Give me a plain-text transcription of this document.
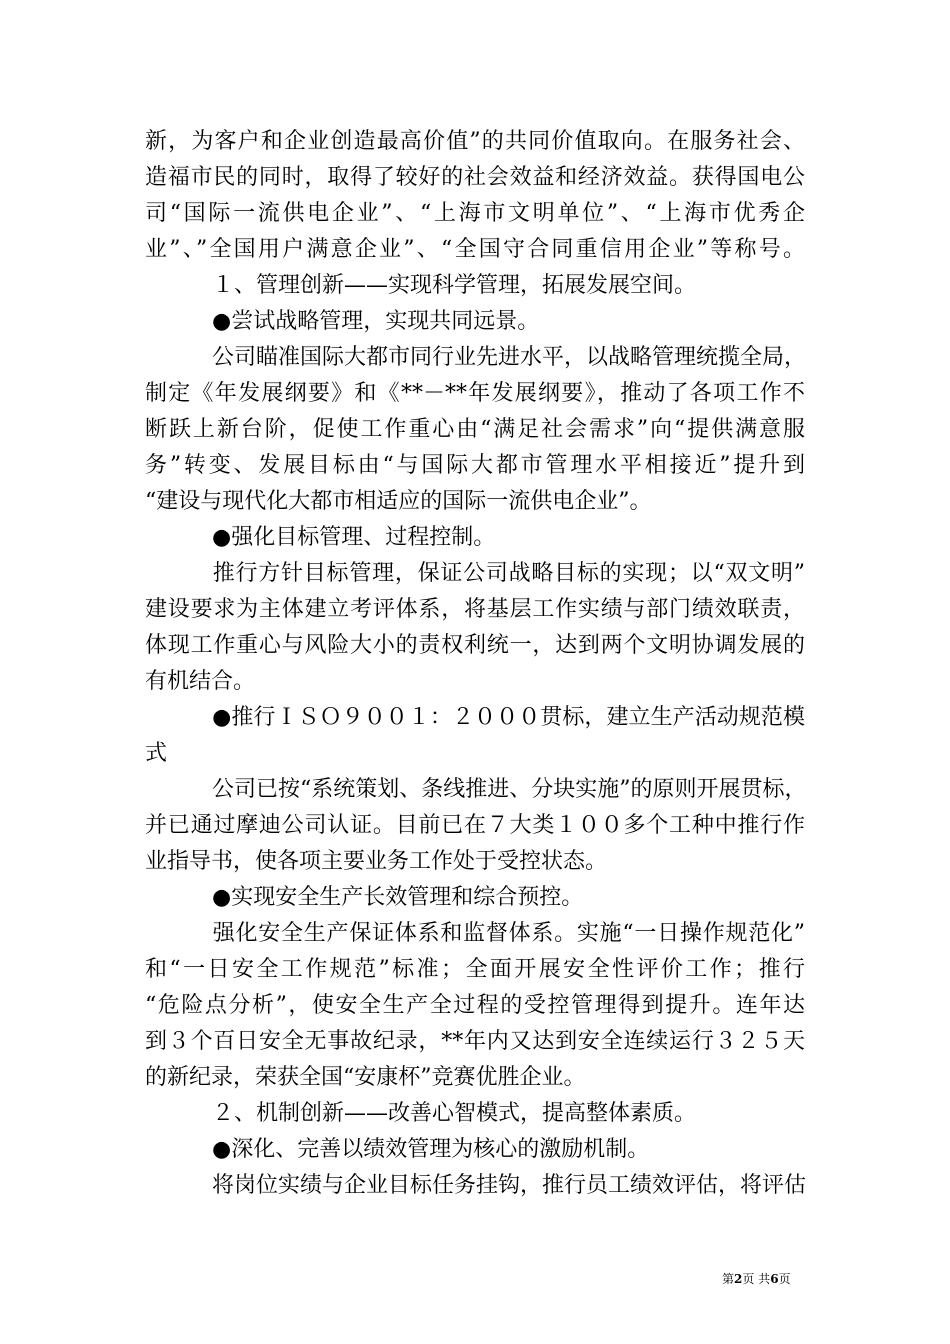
新，为客户和企业创造最高价值”的共同价值取向。在服务社会、
造福市民的同时，取得了较好的社会效益和经济效益。获得国电公
司“国际一流供电企业”、“上海市文明单位”、“上海市优秀企
业”、”全国用户满意企业”、“全国守合同重信用企业”等称号。
　１、管理创新——实现科学管理，拓展发展空间。
　●尝试战略管理，实现共同远景。
　公司瞄准国际大都市同行业先进水平，以战略管理统揽全局，
制定《年发展纲要》和《**－**年发展纲要》，推动了各项工作不
断跃上新台阶，促使工作重心由“满足社会需求”向“提供满意服
务”转变、发展目标由“与国际大都市管理水平相接近”提升到
“建设与现代化大都市相适应的国际一流供电企业”。
　●强化目标管理、过程控制。
　推行方针目标管理，保证公司战略目标的实现；以“双文明”
建设要求为主体建立考评体系，将基层工作实绩与部门绩效联责，
体现工作重心与风险大小的责权利统一，达到两个文明协调发展的
有机结合。
　●推行ＩＳＯ９００１：２０００贯标，建立生产活动规范模
式
　公司已按“系统策划、条线推进、分块实施”的原则开展贯标，
并已通过摩迪公司认证。目前已在７大类１００多个工种中推行作
业指导书，使各项主要业务工作处于受控状态。
　●实现安全生产长效管理和综合预控。
　强化安全生产保证体系和监督体系。实施“一日操作规范化”
和“一日安全工作规范”标准；全面开展安全性评价工作；推行
“危险点分析”，使安全生产全过程的受控管理得到提升。连年达
到３个百日安全无事故纪录，**年内又达到安全连续运行３２５天
的新纪录，荣获全国“安康杯”竞赛优胜企业。
　２、机制创新——改善心智模式，提高整体素质。
　●深化、完善以绩效管理为核心的激励机制。
　将岗位实绩与企业目标任务挂钩，推行员工绩效评估，将评估
第2页 共6页
